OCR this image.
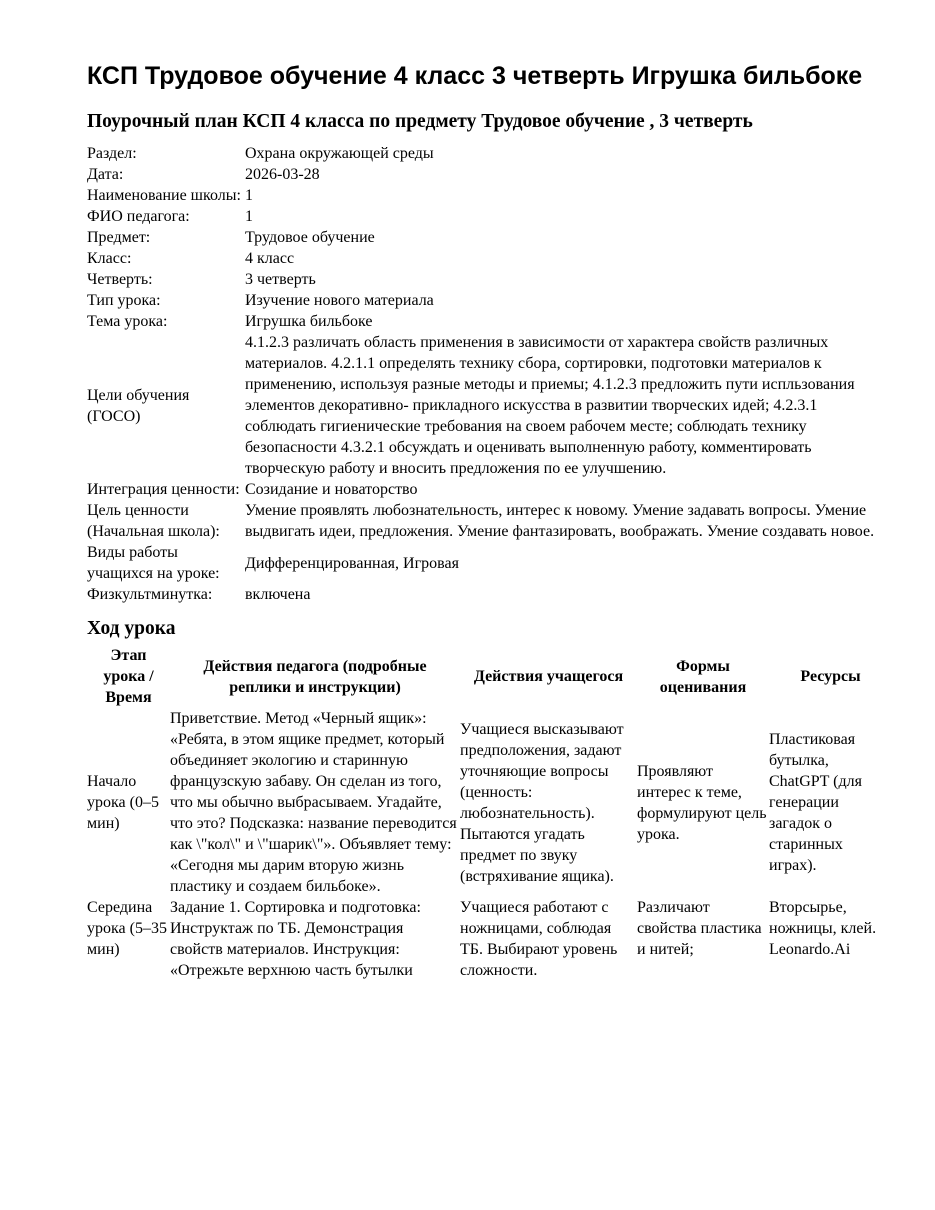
КСП Трудовое обучение 4 класс 3 четверть Игрушка бильбоке
Поурочный план КСП 4 класса по предмету Трудовое обучение , 3 четверть
Раздел:	Охрана окружающей среды
Дата:	2026-03-28
Наименование школы:	1
ФИО педагога:	1
Предмет:	Трудовое обучение
Класс:	4 класс
Четверть:	3 четверть
Тип урока:	Изучение нового материала
Тема урока:	Игрушка бильбоке
Цели обучения (ГОСО)	4.1.2.3 различать область применения в зависимости от характера свойств различных материалов. 4.2.1.1 определять технику сбора, сортировки, подготовки материалов к применению, используя разные методы и приемы; 4.1.2.3 предложить пути испльзования элементов декоративно- прикладного искусства в развитии творческих идей; 4.2.3.1 соблюдать гигиенические требования на своем рабочем месте; соблюдать технику безопасности 4.3.2.1 обсуждать и оценивать выполненную работу, комментировать творческую работу и вносить предложения по ее улучшению.
Интеграция ценности:	Созидание и новаторство
Цель ценности (Начальная школа):	Умение проявлять любознательность, интерес к новому. Умение задавать вопросы. Умение выдвигать идеи, предложения. Умение фантазировать, воображать. Умение создавать новое.
Виды работы учащихся на уроке:	Дифференцированная, Игровая
Физкультминутка:	включена
Ход урока
Этап урока / Время	Действия педагога (подробные реплики и инструкции)	Действия учащегося	Формы оценивания	Ресурсы
Начало урока (0–5 мин)	Приветствие. Метод «Черный ящик»: «Ребята, в этом ящике предмет, который объединяет экологию и старинную французскую забаву. Он сделан из того, что мы обычно выбрасываем. Угадайте, что это? Подсказка: название переводится как \"кол\" и \"шарик\"». Объявляет тему: «Сегодня мы дарим вторую жизнь пластику и создаем бильбоке».	Учащиеся высказывают предположения, задают уточняющие вопросы (ценность: любознательность). Пытаются угадать предмет по звуку (встряхивание ящика).	Проявляют интерес к теме, формулируют цель урока.	Пластиковая бутылка, ChatGPT (для генерации загадок о старинных играх).
Середина урока (5–35 мин)	Задание 1. Сортировка и подготовка: Инструктаж по ТБ. Демонстрация свойств материалов. Инструкция: «Отрежьте верхнюю часть бутылки	Учащиеся работают с ножницами, соблюдая ТБ. Выбирают уровень сложности.	Различают свойства пластика и нитей;	Вторсырье, ножницы, клей. Leonardo.Ai
